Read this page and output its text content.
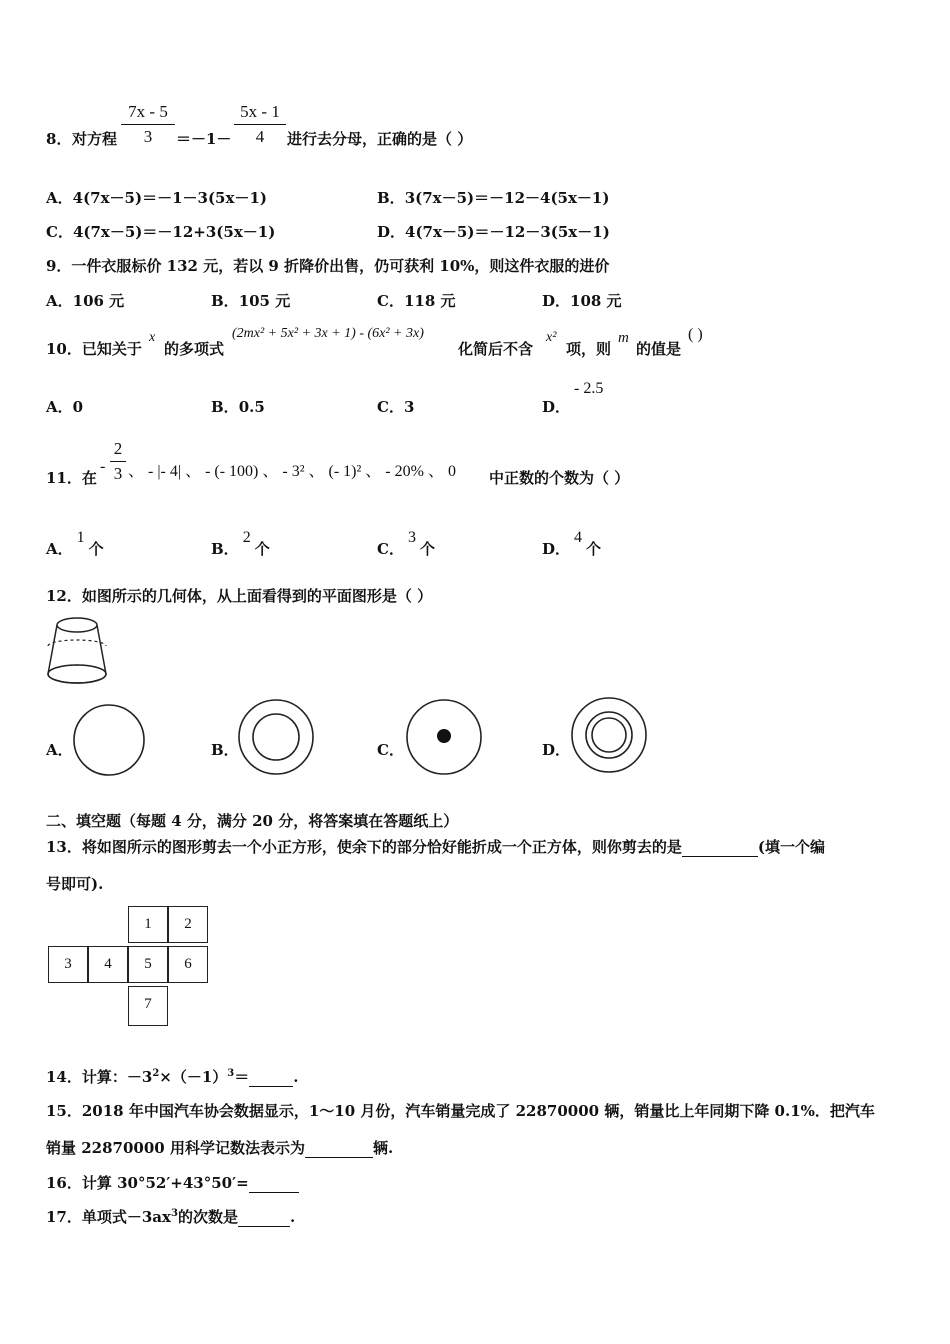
8． 对方程
7x - 5
3	＝－1－
5x - 1
4	进行去分母，正确的是（ ）
A．4(7x－5)＝－1－3(5x－1)	B．3(7x－5)＝－12－4(5x－1)
C．4(7x－5)＝－12+3(5x－1)	D．4(7x－5)＝－12－3(5x－1)
9．一件衣服标价 132 元，若以 9 折降价出售，仍可获利 10%，则这件衣服的进价
A．106 元	B．105 元	C．118 元	D．108 元
10．已知关于
x
的多项式
(2mx² + 5x² + 3x + 1) - (6x² + 3x)
化简后不含
x²
项，则
m
的值是
( )
A．0	B．0.5	C．3	D．
- 2.5
11．在
-
2
3 、 - |- 4| 、 - (- 100) 、 - 3² 、 (- 1)² 、 - 20% 、 0 中正数的个数为（ ）
A．1个	B．2个	C．3个	D．4个
12．如图所示的几何体，从上面看得到的平面图形是（ ）
A．	B．	C．	D．
二、填空题（每题 4 分，满分 20 分，将答案填在答题纸上）
13．将如图所示的图形剪去一个小正方形，使余下的部分恰好能折成一个正方体，则你剪去的是	(填一个编
号即可).
1	2
3	4	5	6
7
14．计算：$-3^2\times(-1)^3=$	.
15．2018 年中国汽车协会数据显示，1～10 月份，汽车销量完成了 22870000 辆，销量比上年同期下降 0.1%．把汽车
销量 22870000 用科学记数法表示为	辆.
16．计算 30°52′+43°50′=
17．单项式$-3ax^3$的次数是	.
